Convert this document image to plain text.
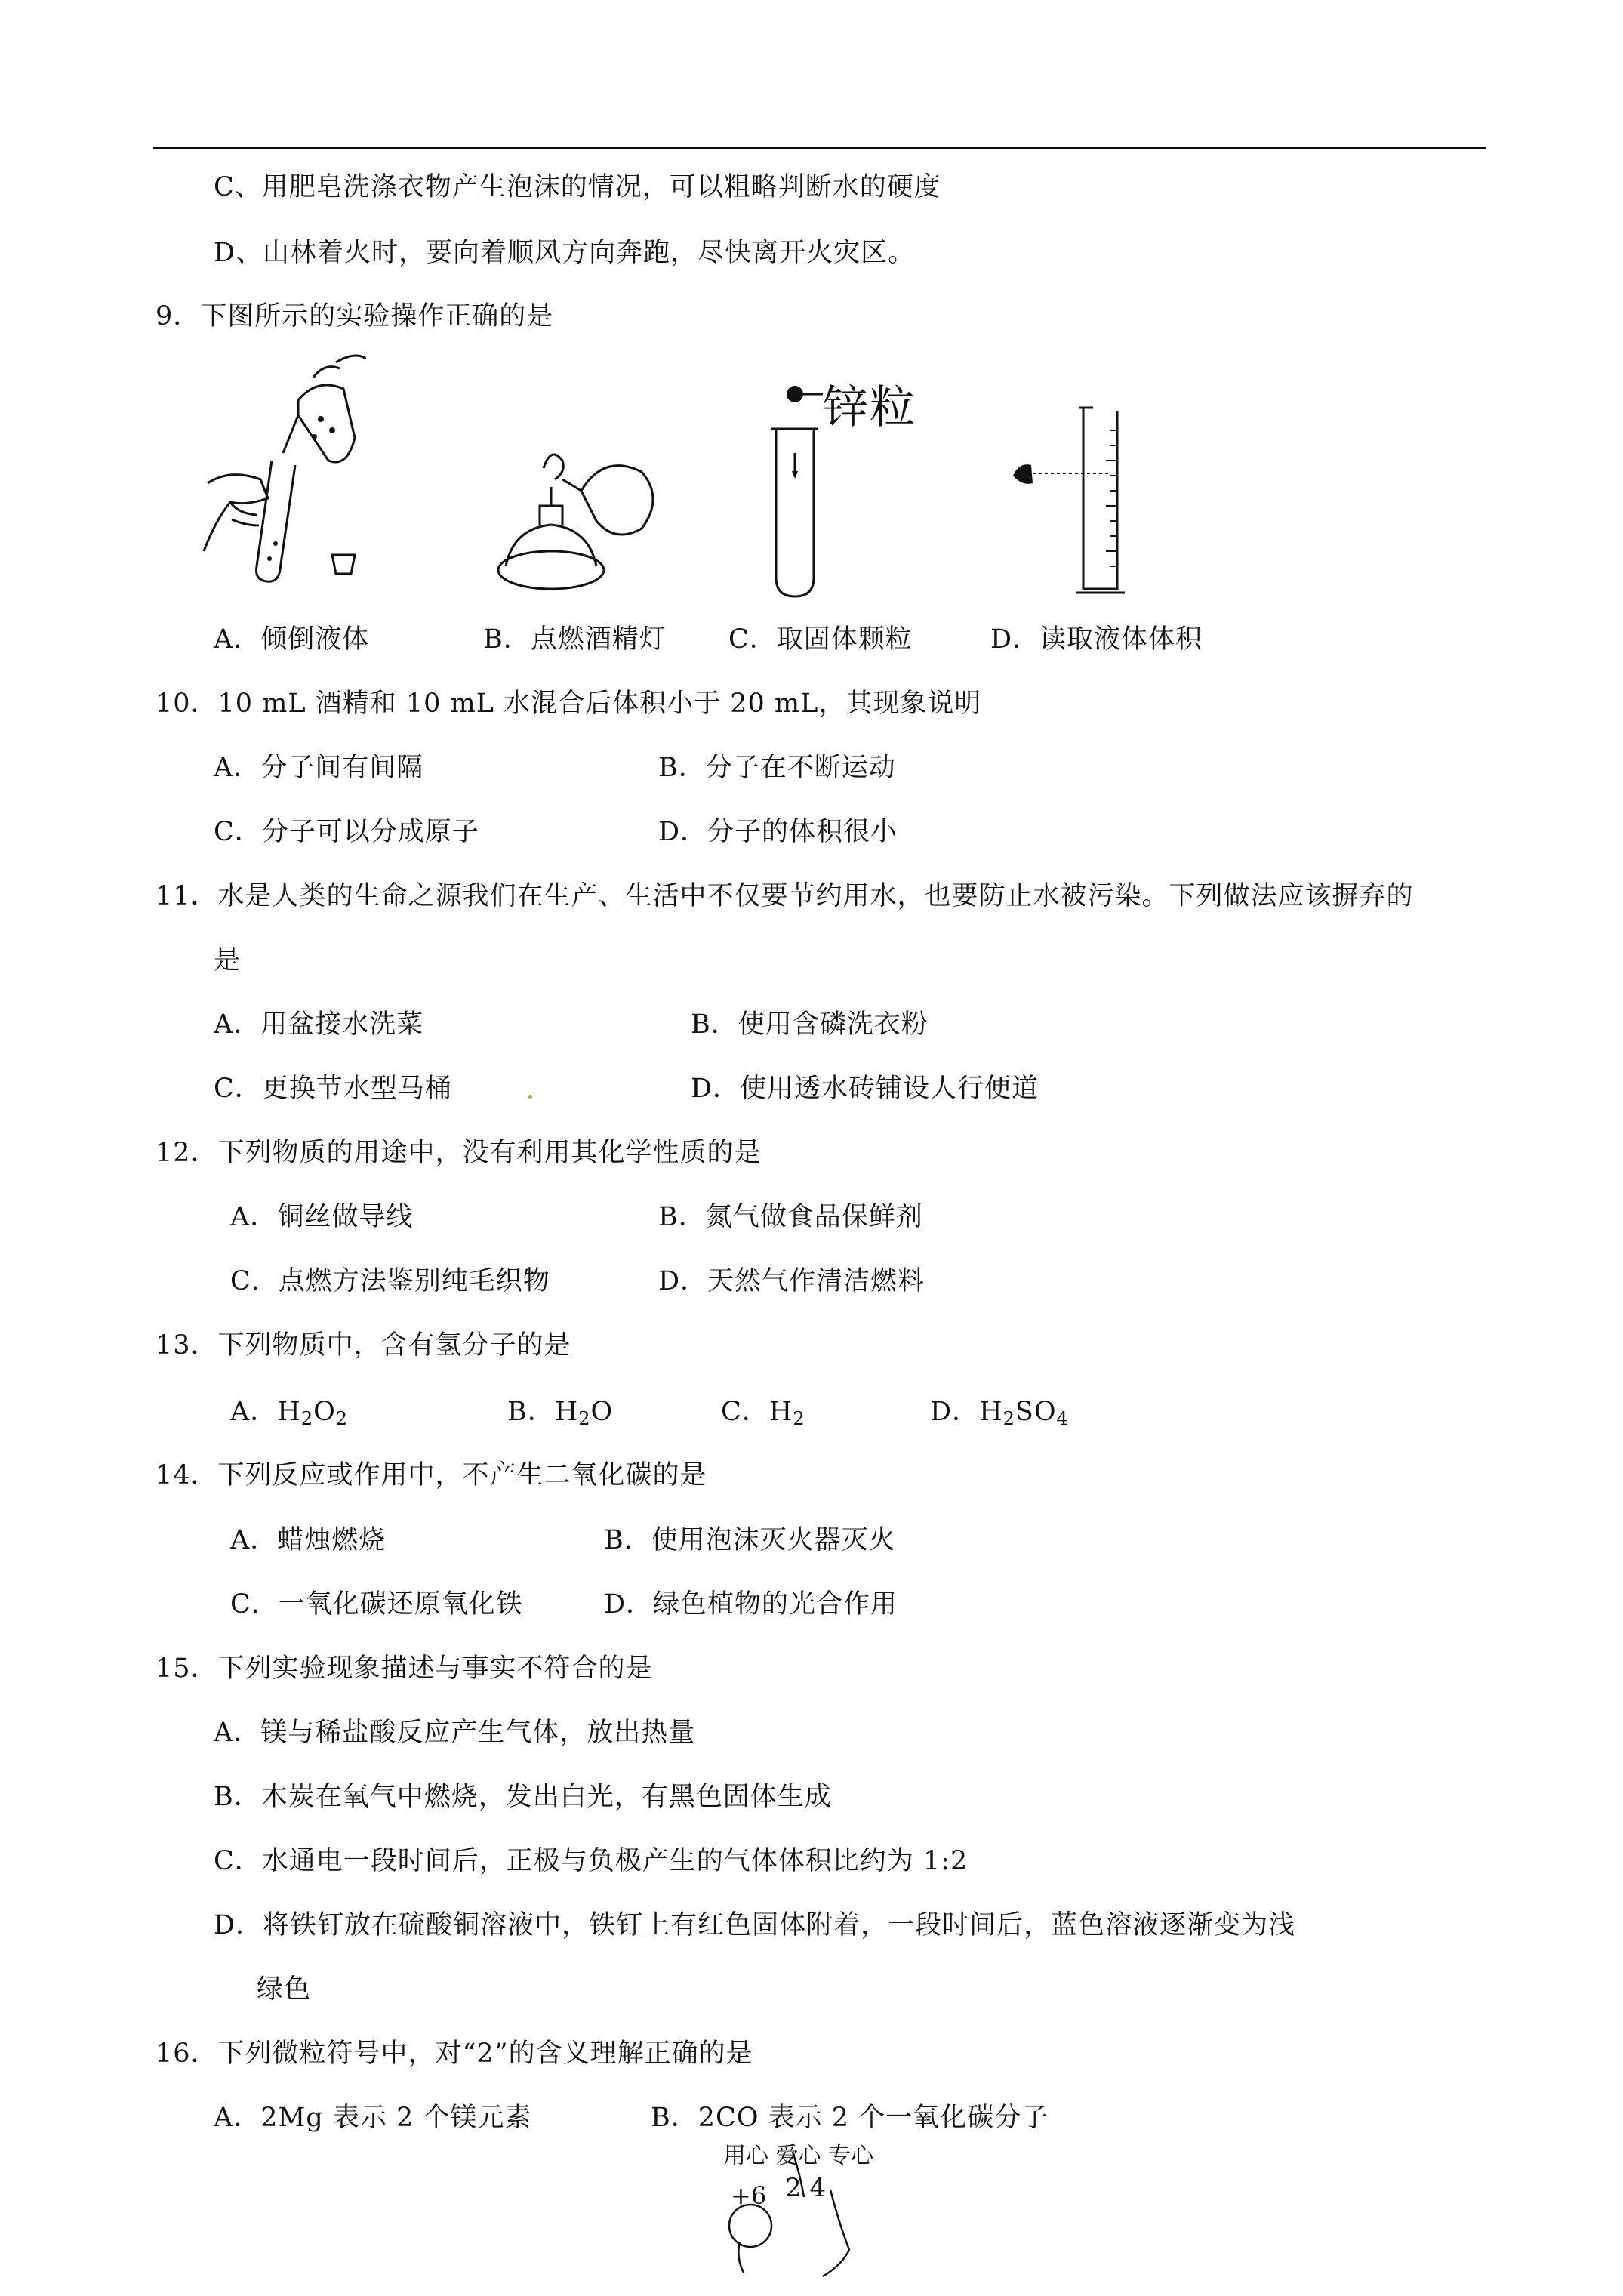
C、用肥皂洗涤衣物产生泡沫的情况，可以粗略判断水的硬度
D、山林着火时，要向着顺风方向奔跑，尽快离开火灾区。
9．下图所示的实验操作正确的是
锌粒
A．倾倒液体	B．点燃酒精灯 C．取固体颗粒	D．读取液体体积
10．10 mL 酒精和 10 mL 水混合后体积小于 20 mL，其现象说明
A．分子间有间隔	B．分子在不断运动
C．分子可以分成原子	D．分子的体积很小
11．水是人类的生命之源我们在生产、生活中不仅要节约用水，也要防止水被污染。下列做法应该摒弃的
是
A．用盆接水洗菜	B．使用含磷洗衣粉
C．更换节水型马桶	D．使用透水砖铺设人行便道
12．下列物质的用途中，没有利用其化学性质的是
A．铜丝做导线	B．氮气做食品保鲜剂
C．点燃方法鉴别纯毛织物	D．天然气作清洁燃料
13．下列物质中，含有氢分子的是
A．$H_2O_2$	B．$H_2O$	C．$H_2$	D．$H_2SO_4$
14．下列反应或作用中，不产生二氧化碳的是
A．蜡烛燃烧	B．使用泡沫灭火器灭火
C．一氧化碳还原氧化铁	D．绿色植物的光合作用
15．下列实验现象描述与事实不符合的是
A．镁与稀盐酸反应产生气体，放出热量
B．木炭在氧气中燃烧，发出白光，有黑色固体生成
C．水通电一段时间后，正极与负极产生的气体体积比约为 1:2
D．将铁钉放在硫酸铜溶液中，铁钉上有红色固体附着，一段时间后，蓝色溶液逐渐变为浅
绿色
16．下列微粒符号中，对“2”的含义理解正确的是
A．2Mg 表示 2 个镁元素	B．2CO 表示 2 个一氧化碳分子
用心 爱心 专心
+6 2 4
